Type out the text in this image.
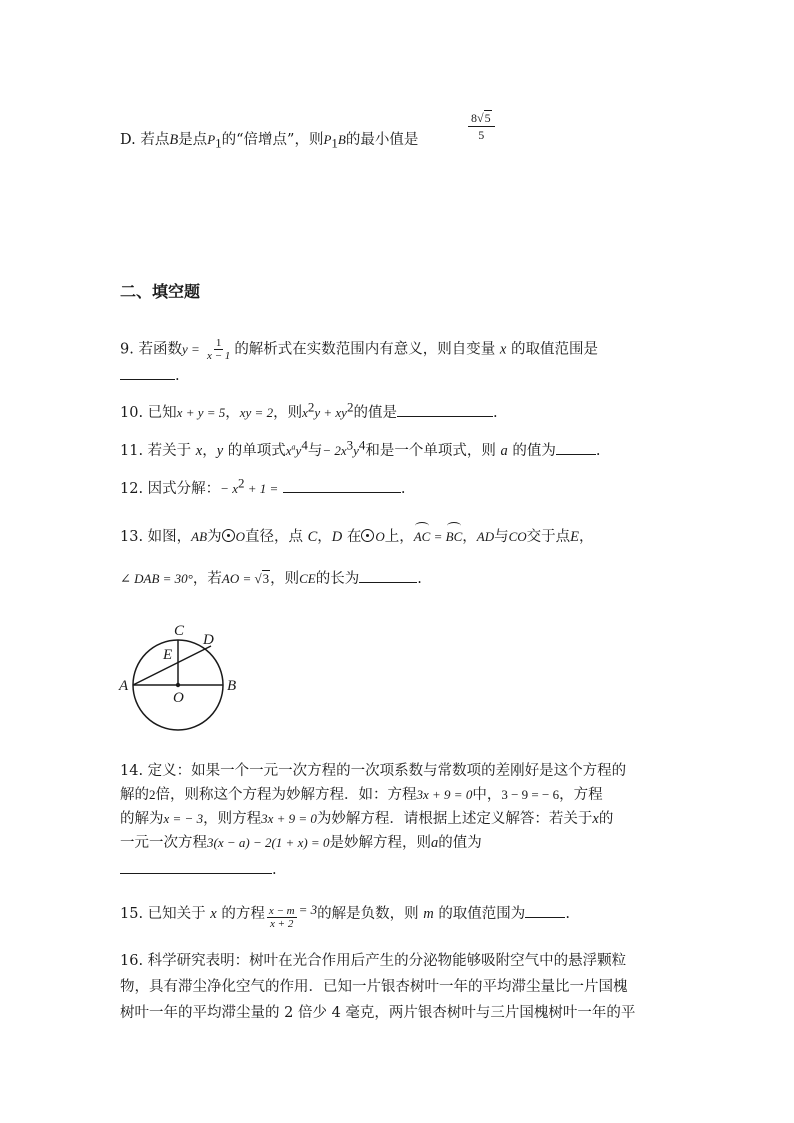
D. 若点B是点$P_1$的“倍增点”，则$P_1B$的最小值是
8√5
5
二、填空题
9. 若函数$y = \frac{1}{x - 1}$ 的解析式在实数范围内有意义，则自变量 x 的取值范围是
.
10. 已知x + y = 5，xy = 2，则$x^2y + xy^2$的值是	.
11. 若关于 x，y 的单项式$x^ay^4$与− $2x^3y^4$和是一个单项式，则 a 的值为	.
12. 因式分解：− $x^2 + 1$ =	.
13. 如图，AB为 O直径，点 C，D 在 O上，AC = BC，AD与CO交于点E，
∠ DAB = 30°，若AO = √3，则CE的长为	.
A	B
C
D
E
O
14. 定义：如果一个一元一次方程的一次项系数与常数项的差刚好是这个方程的
解的2倍，则称这个方程为妙解方程．如：方程3x + 9 = 0中，3 − 9 = − 6，方程
的解为x = − 3，则方程3x + 9 = 0为妙解方程．请根据上述定义解答：若关于x的
一元一次方程3(x − a) − 2(1 + x) = 0是妙解方程，则a的值为
.
15. 已知关于 x 的方程 $\frac{x - m}{x + 2} = 3$的解是负数，则 m 的取值范围为	.
16. 科学研究表明：树叶在光合作用后产生的分泌物能够吸附空气中的悬浮颗粒
物，具有滞尘净化空气的作用．已知一片银杏树叶一年的平均滞尘量比一片国槐
树叶一年的平均滞尘量的 2 倍少 4 毫克，两片银杏树叶与三片国槐树叶一年的平
